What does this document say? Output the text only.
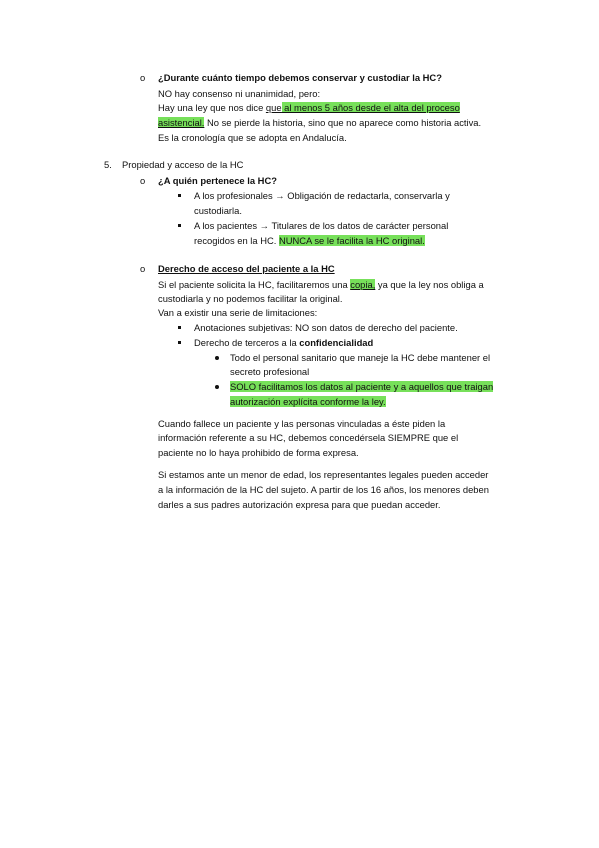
o ¿Durante cuánto tiempo debemos conservar y custodiar la HC?
NO hay consenso ni unanimidad, pero:
Hay una ley que nos dice que al menos 5 años desde el alta del proceso
asistencial. No se pierde la historia, sino que no aparece como historia activa.
Es la cronología que se adopta en Andalucía.
5. Propiedad y acceso de la HC
o ¿A quién pertenece la HC?
A los profesionales → Obligación de redactarla, conservarla y
custodiarla.
A los pacientes → Titulares de los datos de carácter personal
recogidos en la HC. NUNCA se le facilita la HC original.
o Derecho de acceso del paciente a la HC
Si el paciente solicita la HC, facilitaremos una copia, ya que la ley nos obliga a
custodiarla y no podemos facilitar la original.
Van a existir una serie de limitaciones:
Anotaciones subjetivas: NO son datos de derecho del paciente.
Derecho de terceros a la confidencialidad
Todo el personal sanitario que maneje la HC debe mantener el
secreto profesional
SOLO facilitamos los datos al paciente y a aquellos que traigan
autorización explícita conforme la ley.
Cuando fallece un paciente y las personas vinculadas a éste piden la
información referente a su HC, debemos concedérsela SIEMPRE que el
paciente no lo haya prohibido de forma expresa.
Si estamos ante un menor de edad, los representantes legales pueden acceder
a la información de la HC del sujeto. A partir de los 16 años, los menores deben
darles a sus padres autorización expresa para que puedan acceder.
